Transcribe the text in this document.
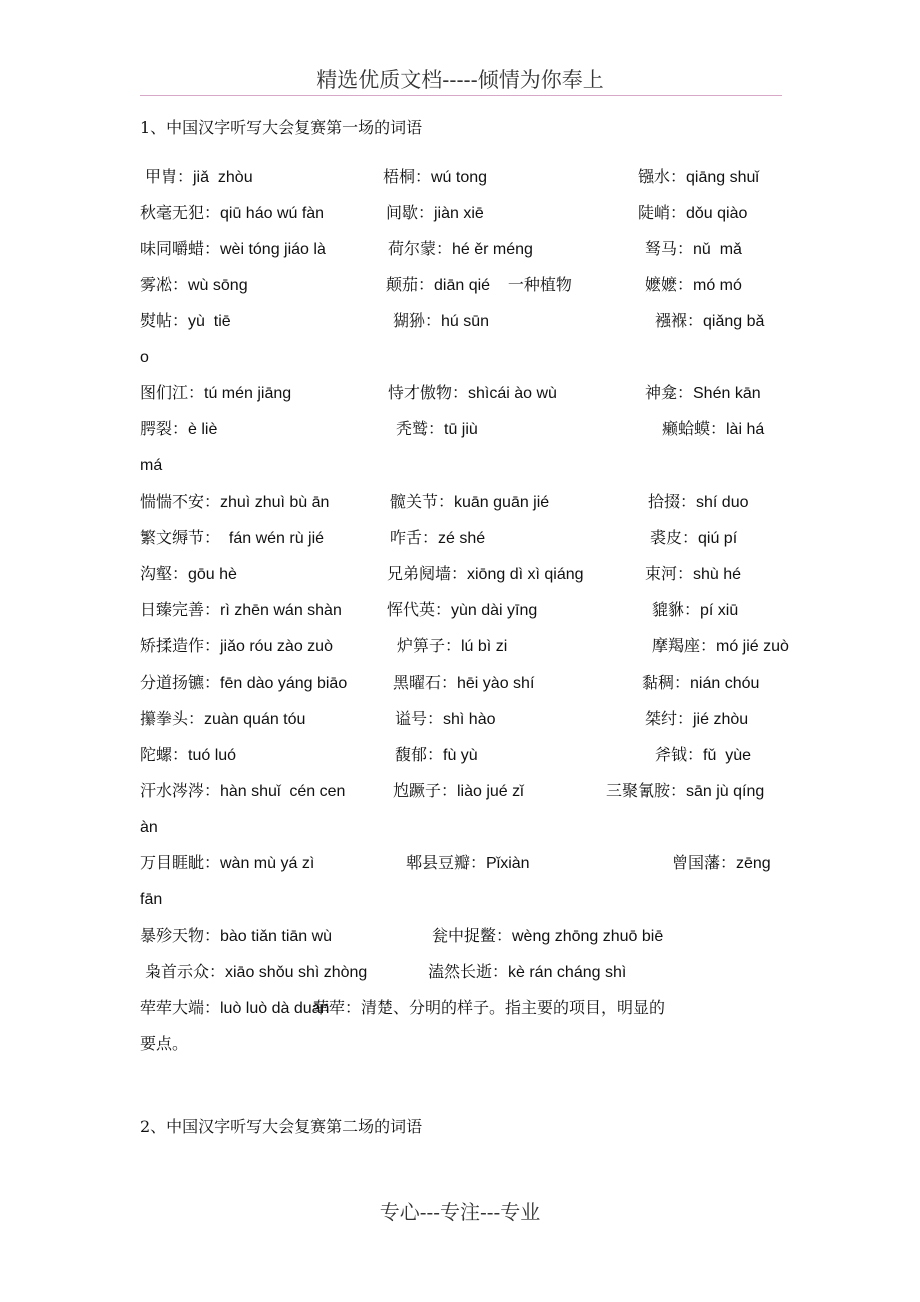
精选优质文档-----倾情为你奉上
1、中国汉字听写大会复赛第一场的词语
甲胄：jiǎ  zhòu	梧桐：wú tong	镪水：qiāng shuǐ
秋毫无犯：qiū háo wú fàn	间歇：jiàn xiē	陡峭：dǒu qiào
味同嚼蜡：wèi tóng jiáo là	荷尔蒙：hé ěr méng	驽马：nǔ  mǎ
雾凇：wù sōng	颠茄：diān qié    一种植物	嬷嬷：mó mó
熨帖：yù  tiē	猢狲：hú sūn	襁褓：qiǎng bǎ
o
图们江：tú mén jiāng	恃才傲物：shìcái ào wù	神龛：Shén kān
腭裂：è liè	秃鹫：tū jiù	癞蛤蟆：lài há
má
惴惴不安：zhuì zhuì bù ān	髋关节：kuān guān jié	拾掇：shí duo
繁文缛节：  fán wén rù jié	咋舌：zé shé	裘皮：qiú pí
沟壑：gōu hè	兄弟阋墙：xiōng dì xì qiáng	束河：shù hé
日臻完善：rì zhēn wán shàn	恽代英：yùn dài yīng	貔貅：pí xiū
矫揉造作：jiǎo róu zào zuò	炉箅子：lú bì zi	摩羯座：mó jié zuò
分道扬镳：fēn dào yáng biāo	黑曜石：hēi yào shí	黏稠：nián chóu
攥拳头：zuàn quán tóu	谥号：shì hào	桀纣：jié zhòu
陀螺：tuó luó	馥郁：fù yù	斧钺：fǔ  yùe
汗水涔涔：hàn shuǐ  cén cen	尥蹶子：liào jué zǐ	三聚氰胺：sān jù qíng
àn
万目睚眦：wàn mù yá zì	郫县豆瓣：Pǐxiàn	曾国藩：zēng
fān
暴殄天物：bào tiǎn tiān wù	瓮中捉鳖：wèng zhōng zhuō biē
枭首示众：xiāo shǒu shì zhòng	溘然长逝：kè rán cháng shì
荦荦大端：luò luò dà duān
荦荦：清楚、分明的样子。指主要的项目，明显的
要点。
2、中国汉字听写大会复赛第二场的词语
专心---专注---专业
